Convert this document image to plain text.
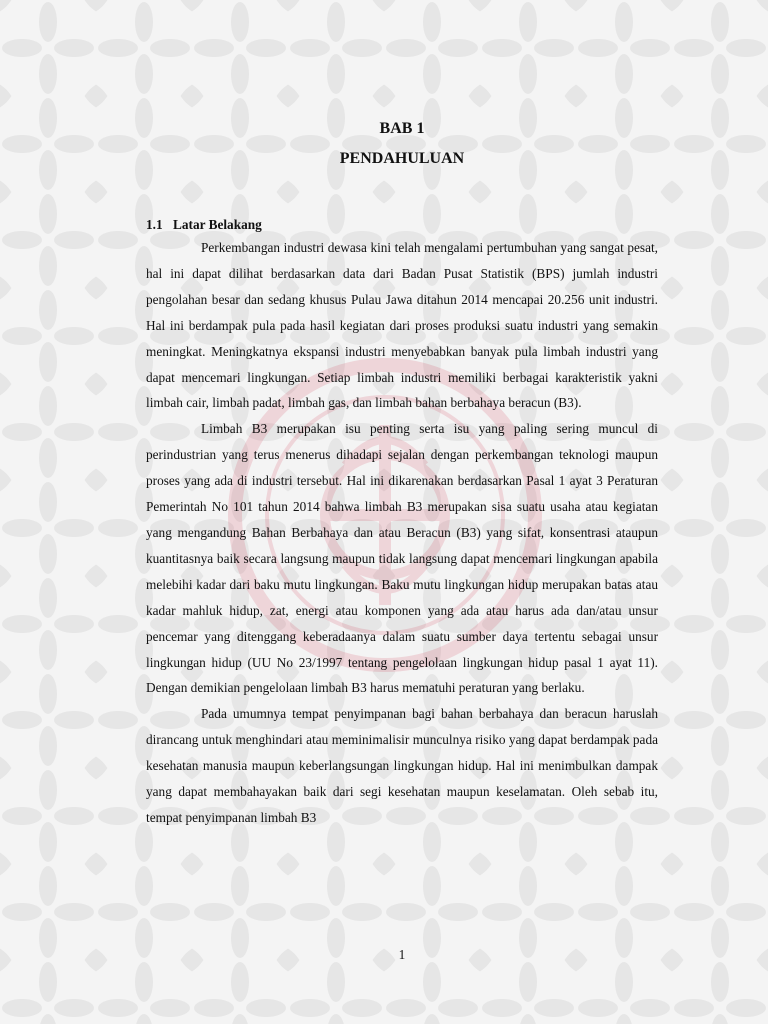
BAB 1
PENDAHULUAN
1.1 Latar Belakang

Perkembangan industri dewasa kini telah mengalami pertumbuhan yang sangat pesat, hal ini dapat dilihat berdasarkan data dari Badan Pusat Statistik (BPS) jumlah industri pengolahan besar dan sedang khusus Pulau Jawa ditahun 2014 mencapai 20.256 unit industri. Hal ini berdampak pula pada hasil kegiatan dari proses produksi suatu industri yang semakin meningkat. Meningkatnya ekspansi industri menyebabkan banyak pula limbah industri yang dapat mencemari lingkungan. Setiap limbah industri memiliki berbagai karakteristik yakni limbah cair, limbah padat, limbah gas, dan limbah bahan berbahaya beracun (B3).

Limbah B3 merupakan isu penting serta isu yang paling sering muncul di perindustrian yang terus menerus dihadapi sejalan dengan perkembangan teknologi maupun proses yang ada di industri tersebut. Hal ini dikarenakan berdasarkan Pasal 1 ayat 3 Peraturan Pemerintah No 101 tahun 2014 bahwa limbah B3 merupakan sisa suatu usaha atau kegiatan yang mengandung Bahan Berbahaya dan atau Beracun (B3) yang sifat, konsentrasi ataupun kuantitasnya baik secara langsung maupun tidak langsung dapat mencemari lingkungan apabila melebihi kadar dari baku mutu lingkungan. Baku mutu lingkungan hidup merupakan batas atau kadar mahluk hidup, zat, energi atau komponen yang ada atau harus ada dan/atau unsur pencemar yang ditenggang keberadaanya dalam suatu sumber daya tertentu sebagai unsur lingkungan hidup (UU No 23/1997 tentang pengelolaan lingkungan hidup pasal 1 ayat 11). Dengan demikian pengelolaan limbah B3 harus mematuhi peraturan yang berlaku.

Pada umumnya tempat penyimpanan bagi bahan berbahaya dan beracun haruslah dirancang untuk menghindari atau meminimalisir munculnya risiko yang dapat berdampak pada kesehatan manusia maupun keberlangsungan lingkungan hidup. Hal ini menimbulkan dampak yang dapat membahayakan baik dari segi kesehatan maupun keselamatan. Oleh sebab itu, tempat penyimpanan limbah B3

1
